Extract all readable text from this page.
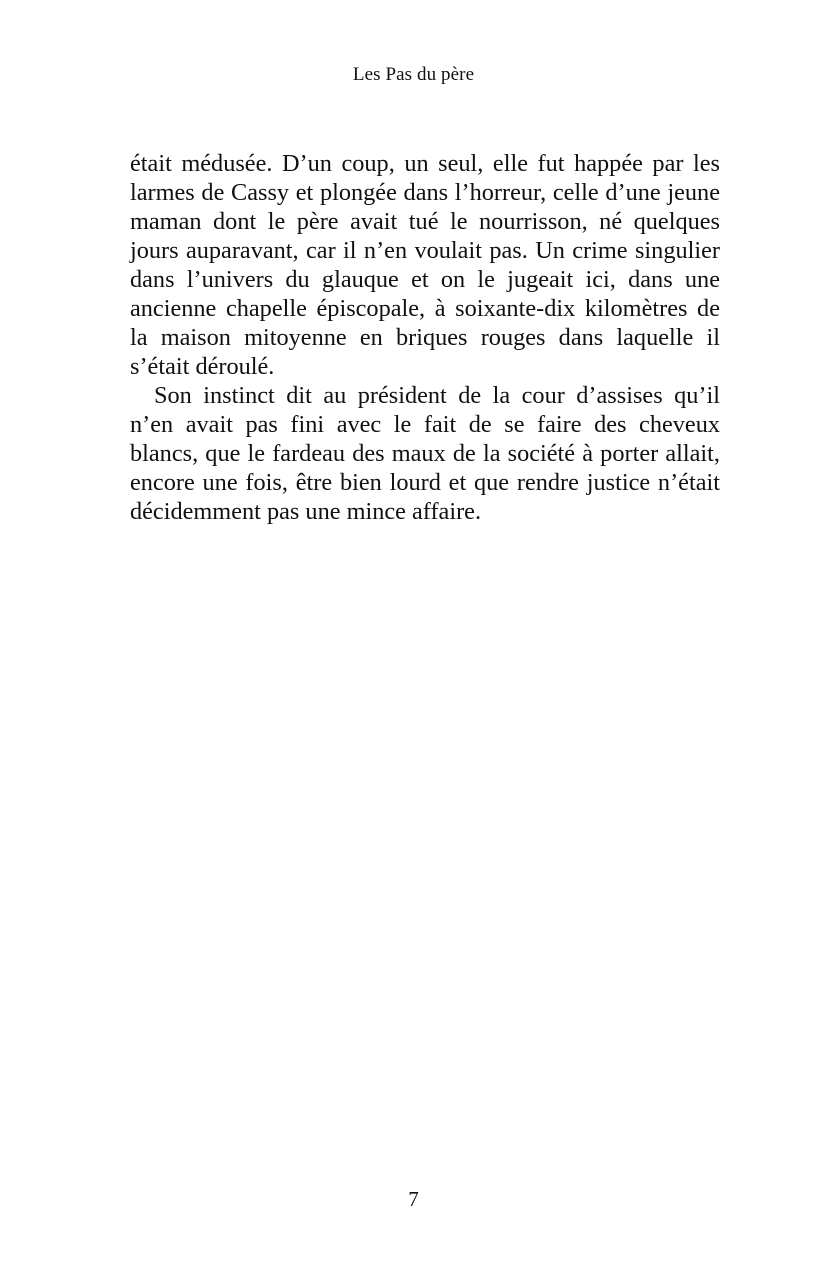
Les Pas du père
était médusée. D’un coup, un seul, elle fut happée par les
larmes de Cassy et plongée dans l’horreur, celle d’une jeune
maman dont le père avait tué le nourrisson, né quelques
jours auparavant, car il n’en voulait pas. Un crime singulier
dans l’univers du glauque et on le jugeait ici, dans une
ancienne chapelle épiscopale, à soixante-dix kilomètres de
la maison mitoyenne en briques rouges dans laquelle il
s’était déroulé.
Son instinct dit au président de la cour d’assises qu’il
n’en avait pas fini avec le fait de se faire des cheveux
blancs, que le fardeau des maux de la société à porter allait,
encore une fois, être bien lourd et que rendre justice n’était
décidemment pas une mince affaire.
7
